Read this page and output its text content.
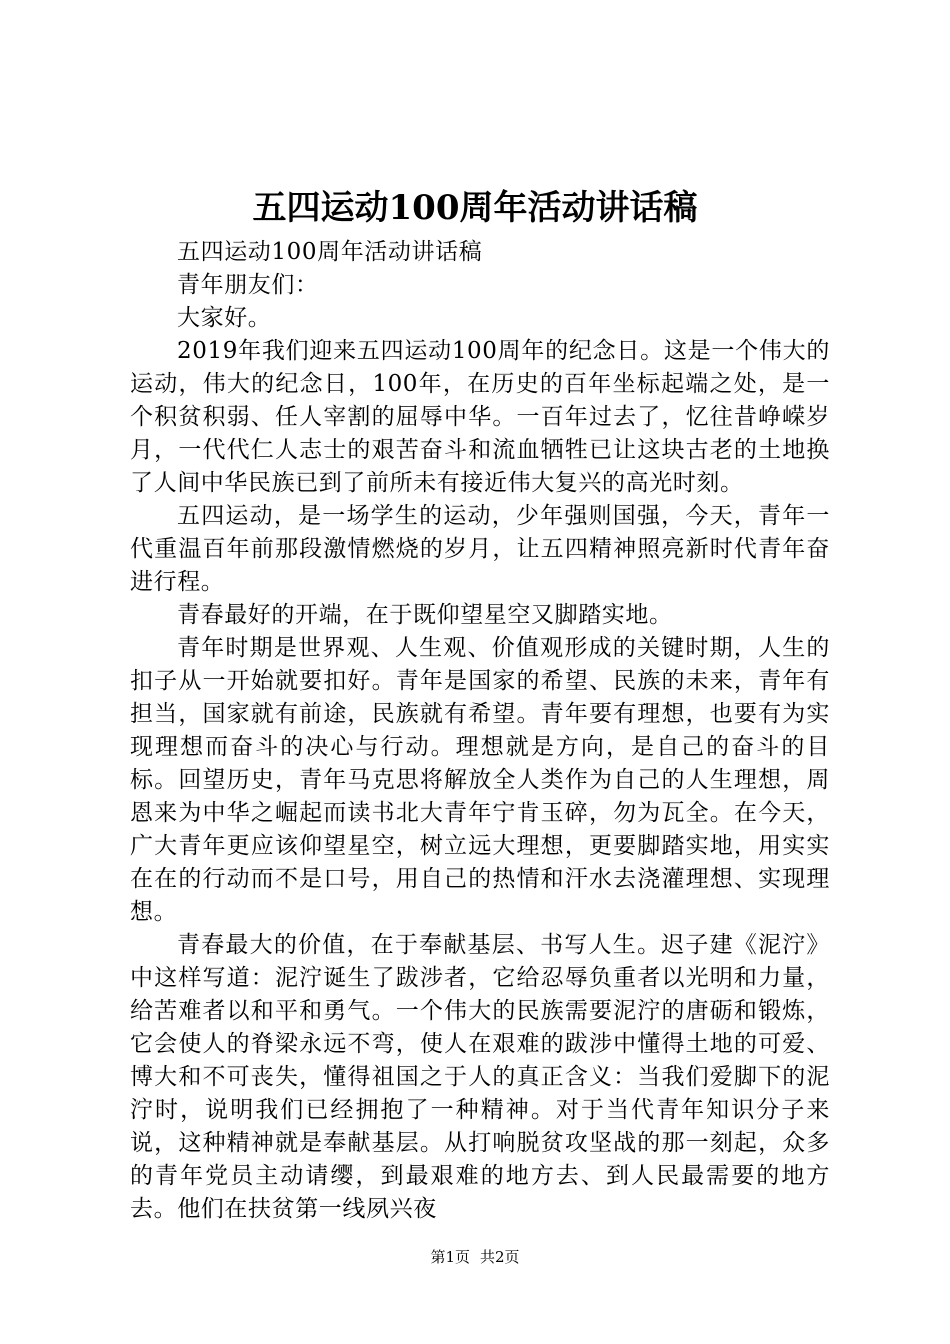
五四运动100周年活动讲话稿

五四运动100周年活动讲话稿

青年朋友们：

大家好。

2019年我们迎来五四运动100周年的纪念日。这是一个伟大的运动，伟大的纪念日，100年，在历史的百年坐标起端之处，是一个积贫积弱、任人宰割的屈辱中华。一百年过去了，忆往昔峥嵘岁月，一代代仁人志士的艰苦奋斗和流血牺牲已让这块古老的土地换了人间中华民族已到了前所未有接近伟大复兴的高光时刻。

五四运动，是一场学生的运动，少年强则国强，今天，青年一代重温百年前那段激情燃烧的岁月，让五四精神照亮新时代青年奋进行程。

青春最好的开端，在于既仰望星空又脚踏实地。

青年时期是世界观、人生观、价值观形成的关键时期，人生的扣子从一开始就要扣好。青年是国家的希望、民族的未来，青年有担当，国家就有前途，民族就有希望。青年要有理想，也要有为实现理想而奋斗的决心与行动。理想就是方向，是自己的奋斗的目标。回望历史，青年马克思将解放全人类作为自己的人生理想，周恩来为中华之崛起而读书北大青年宁肯玉碎，勿为瓦全。在今天，广大青年更应该仰望星空，树立远大理想，更要脚踏实地，用实实在在的行动而不是口号，用自己的热情和汗水去浇灌理想、实现理想。

青春最大的价值，在于奉献基层、书写人生。迟子建《泥泞》中这样写道：泥泞诞生了跋涉者，它给忍辱负重者以光明和力量，给苦难者以和平和勇气。一个伟大的民族需要泥泞的唐砺和锻炼，它会使人的脊梁永远不弯，使人在艰难的跋涉中懂得土地的可爱、博大和不可丧失，懂得祖国之于人的真正含义：当我们爱脚下的泥泞时，说明我们已经拥抱了一种精神。对于当代青年知识分子来说，这种精神就是奉献基层。从打响脱贫攻坚战的那一刻起，众多的青年党员主动请缨，到最艰难的地方去、到人民最需要的地方去。他们在扶贫第一线夙兴夜

第1页 共2页
